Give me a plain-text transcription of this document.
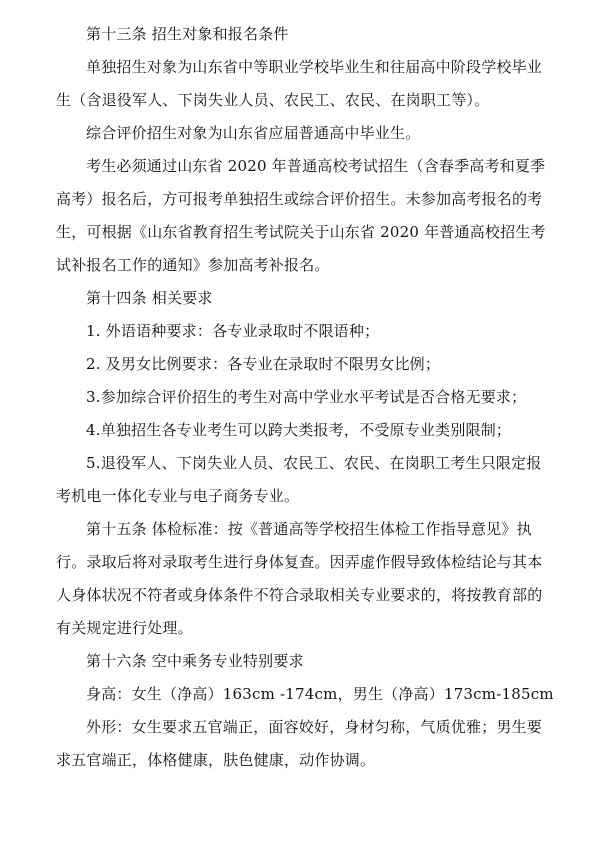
第十三条 招生对象和报名条件

单独招生对象为山东省中等职业学校毕业生和往届高中阶段学校毕业生（含退役军人、下岗失业人员、农民工、农民、在岗职工等）。

综合评价招生对象为山东省应届普通高中毕业生。

考生必须通过山东省 2020 年普通高校考试招生（含春季高考和夏季高考）报名后，方可报考单独招生或综合评价招生。未参加高考报名的考生，可根据《山东省教育招生考试院关于山东省 2020 年普通高校招生考试补报名工作的通知》参加高考补报名。

第十四条 相关要求

1. 外语语种要求：各专业录取时不限语种；

2. 及男女比例要求：各专业在录取时不限男女比例；

3.参加综合评价招生的考生对高中学业水平考试是否合格无要求；

4.单独招生各专业考生可以跨大类报考，不受原专业类别限制；

5.退役军人、下岗失业人员、农民工、农民、在岗职工考生只限定报考机电一体化专业与电子商务专业。

第十五条 体检标准：按《普通高等学校招生体检工作指导意见》执行。录取后将对录取考生进行身体复查。因弄虚作假导致体检结论与其本人身体状况不符者或身体条件不符合录取相关专业要求的，将按教育部的有关规定进行处理。

第十六条 空中乘务专业特别要求

身高：女生（净高）163cm -174cm，男生（净高）173cm-185cm

外形：女生要求五官端正，面容姣好，身材匀称，气质优雅；男生要求五官端正，体格健康，肤色健康，动作协调。
